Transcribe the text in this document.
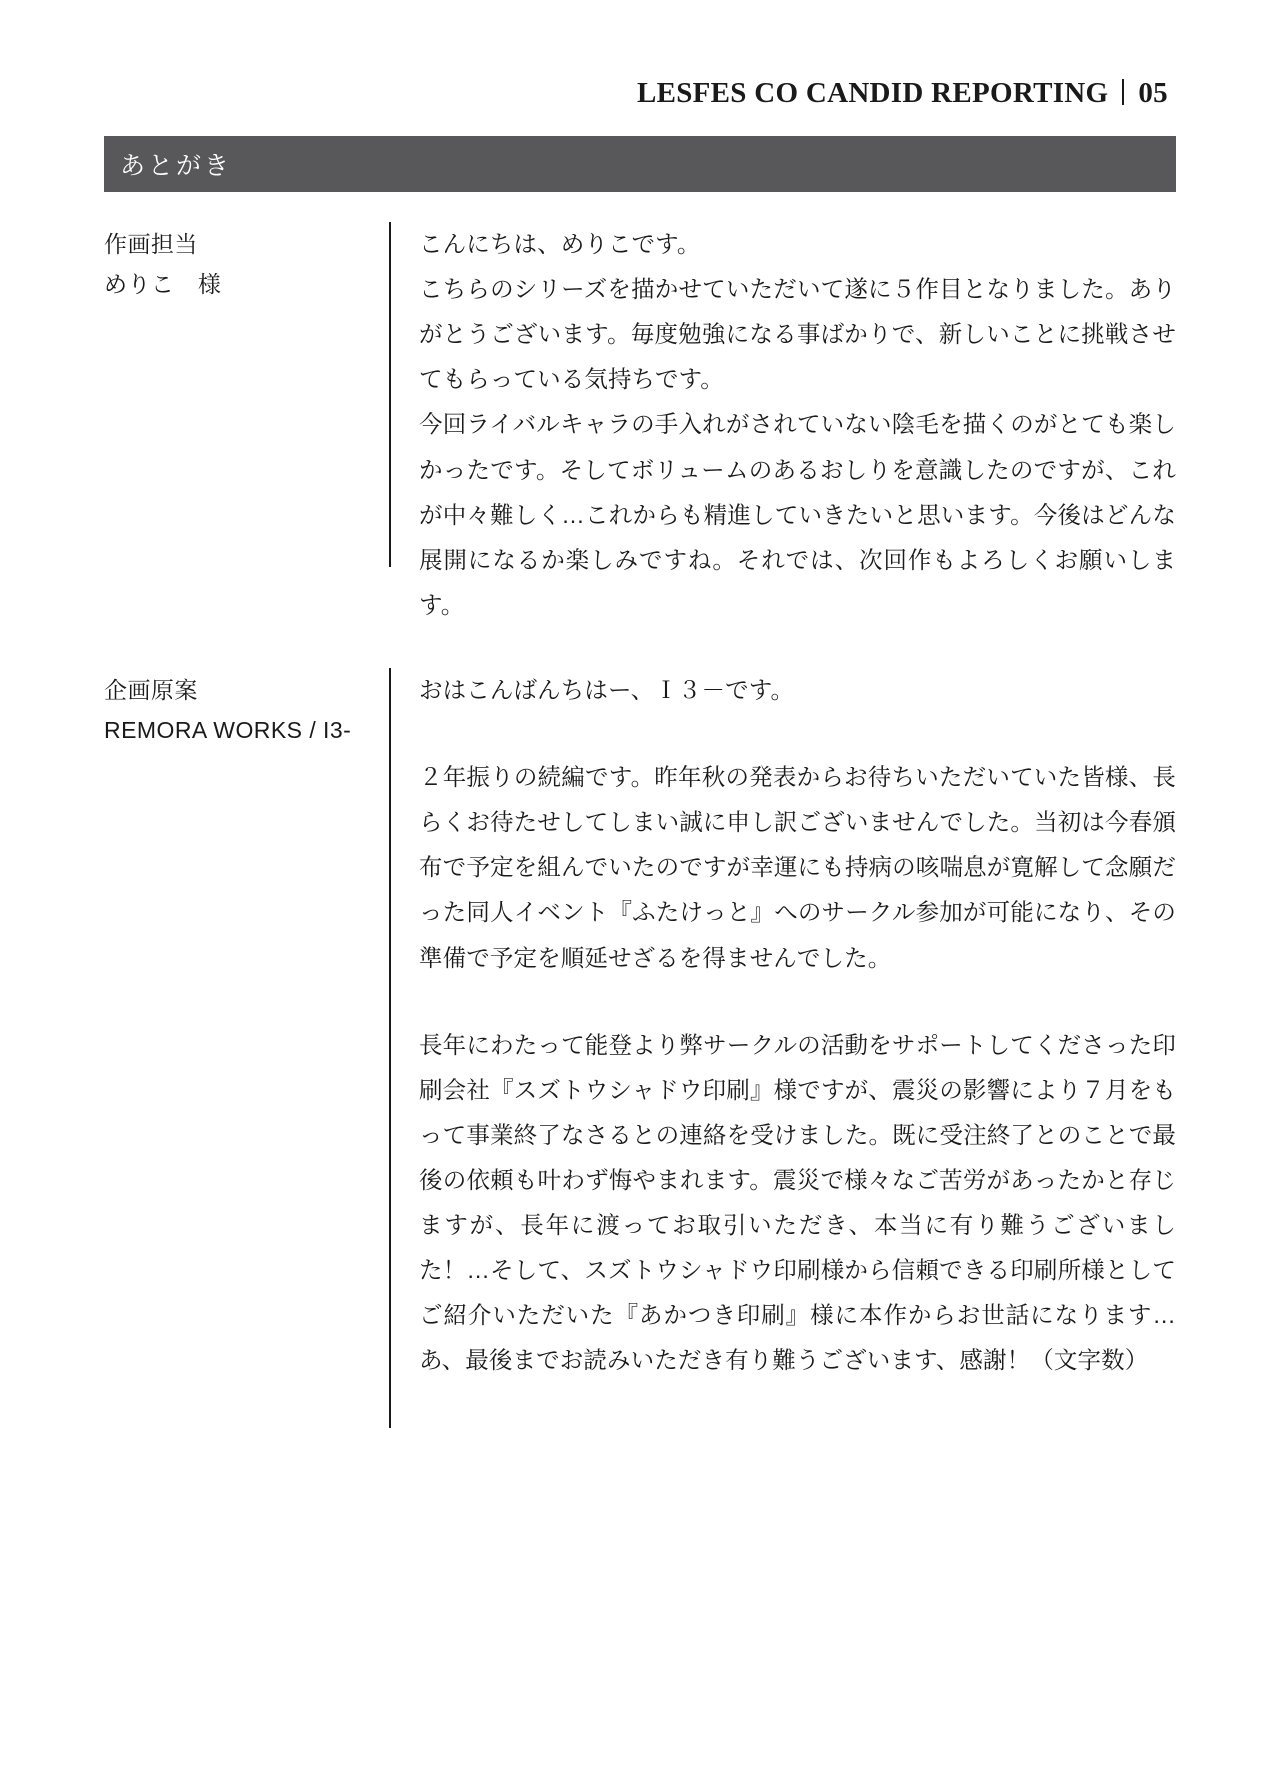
LESFES CO CANDID REPORTING 05
あとがき
作画担当
めりこ　様

こんにちは、めりこです。

こちらのシリーズを描かせていただいて遂に５作目となりました。ありがとうございます。毎度勉強になる事ばかりで、新しいことに挑戦させてもらっている気持ちです。

今回ライバルキャラの手入れがされていない陰毛を描くのがとても楽しかったです。そしてボリュームのあるおしりを意識したのですが、これが中々難しく…これからも精進していきたいと思います。今後はどんな展開になるか楽しみですね。それでは、次回作もよろしくお願いします。

企画原案
REMORA WORKS / I3-

おはこんばんちはー、Ｉ３－です。

２年振りの続編です。昨年秋の発表からお待ちいただいていた皆様、長らくお待たせしてしまい誠に申し訳ございませんでした。当初は今春頒布で予定を組んでいたのですが幸運にも持病の咳喘息が寛解して念願だった同人イベント『ふたけっと』へのサークル参加が可能になり、その準備で予定を順延せざるを得ませんでした。

長年にわたって能登より弊サークルの活動をサポートしてくださった印刷会社『スズトウシャドウ印刷』様ですが、震災の影響により７月をもって事業終了なさるとの連絡を受けました。既に受注終了とのことで最後の依頼も叶わず悔やまれます。震災で様々なご苦労があったかと存じますが、長年に渡ってお取引いただき、本当に有り難うございました！…そして、スズトウシャドウ印刷様から信頼できる印刷所様としてご紹介いただいた『あかつき印刷』様に本作からお世話になります…あ、最後までお読みいただき有り難うございます、感謝！（文字数）
